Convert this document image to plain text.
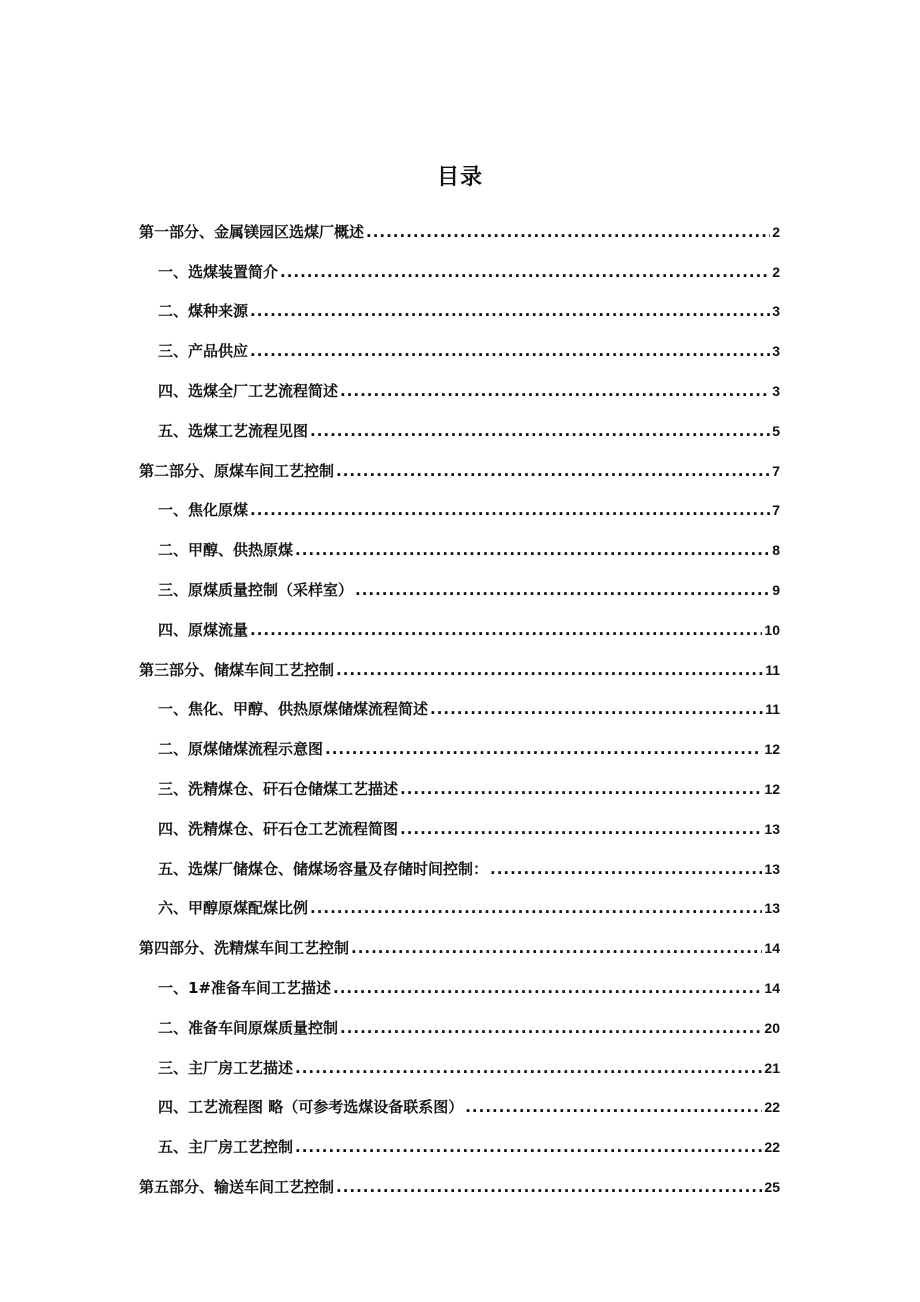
目录
第一部分、金属镁园区选煤厂概述 .....	2
一、选煤装置简介 .....	2
二、煤种来源 .....	3
三、产品供应 .....	3
四、选煤全厂工艺流程简述 .....	3
五、选煤工艺流程见图 .....	5
第二部分、原煤车间工艺控制 .....	7
一、焦化原煤 .....	7
二、甲醇、供热原煤 .....	8
三、原煤质量控制（采样室） .....	9
四、原煤流量 .....	10
第三部分、储煤车间工艺控制 .....	11
一、焦化、甲醇、供热原煤储煤流程简述 .....	11
二、原煤储煤流程示意图 .....	12
三、洗精煤仓、矸石仓储煤工艺描述 .....	12
四、洗精煤仓、矸石仓工艺流程简图 .....	13
五、选煤厂储煤仓、储煤场容量及存储时间控制： .....	13
六、甲醇原煤配煤比例 .....	13
第四部分、洗精煤车间工艺控制 .....	14
一、1#准备车间工艺描述 .....	14
二、准备车间原煤质量控制 .....	20
三、主厂房工艺描述 .....	21
四、工艺流程图 略（可参考选煤设备联系图） .....	22
五、主厂房工艺控制 .....	22
第五部分、输送车间工艺控制 .....	25
